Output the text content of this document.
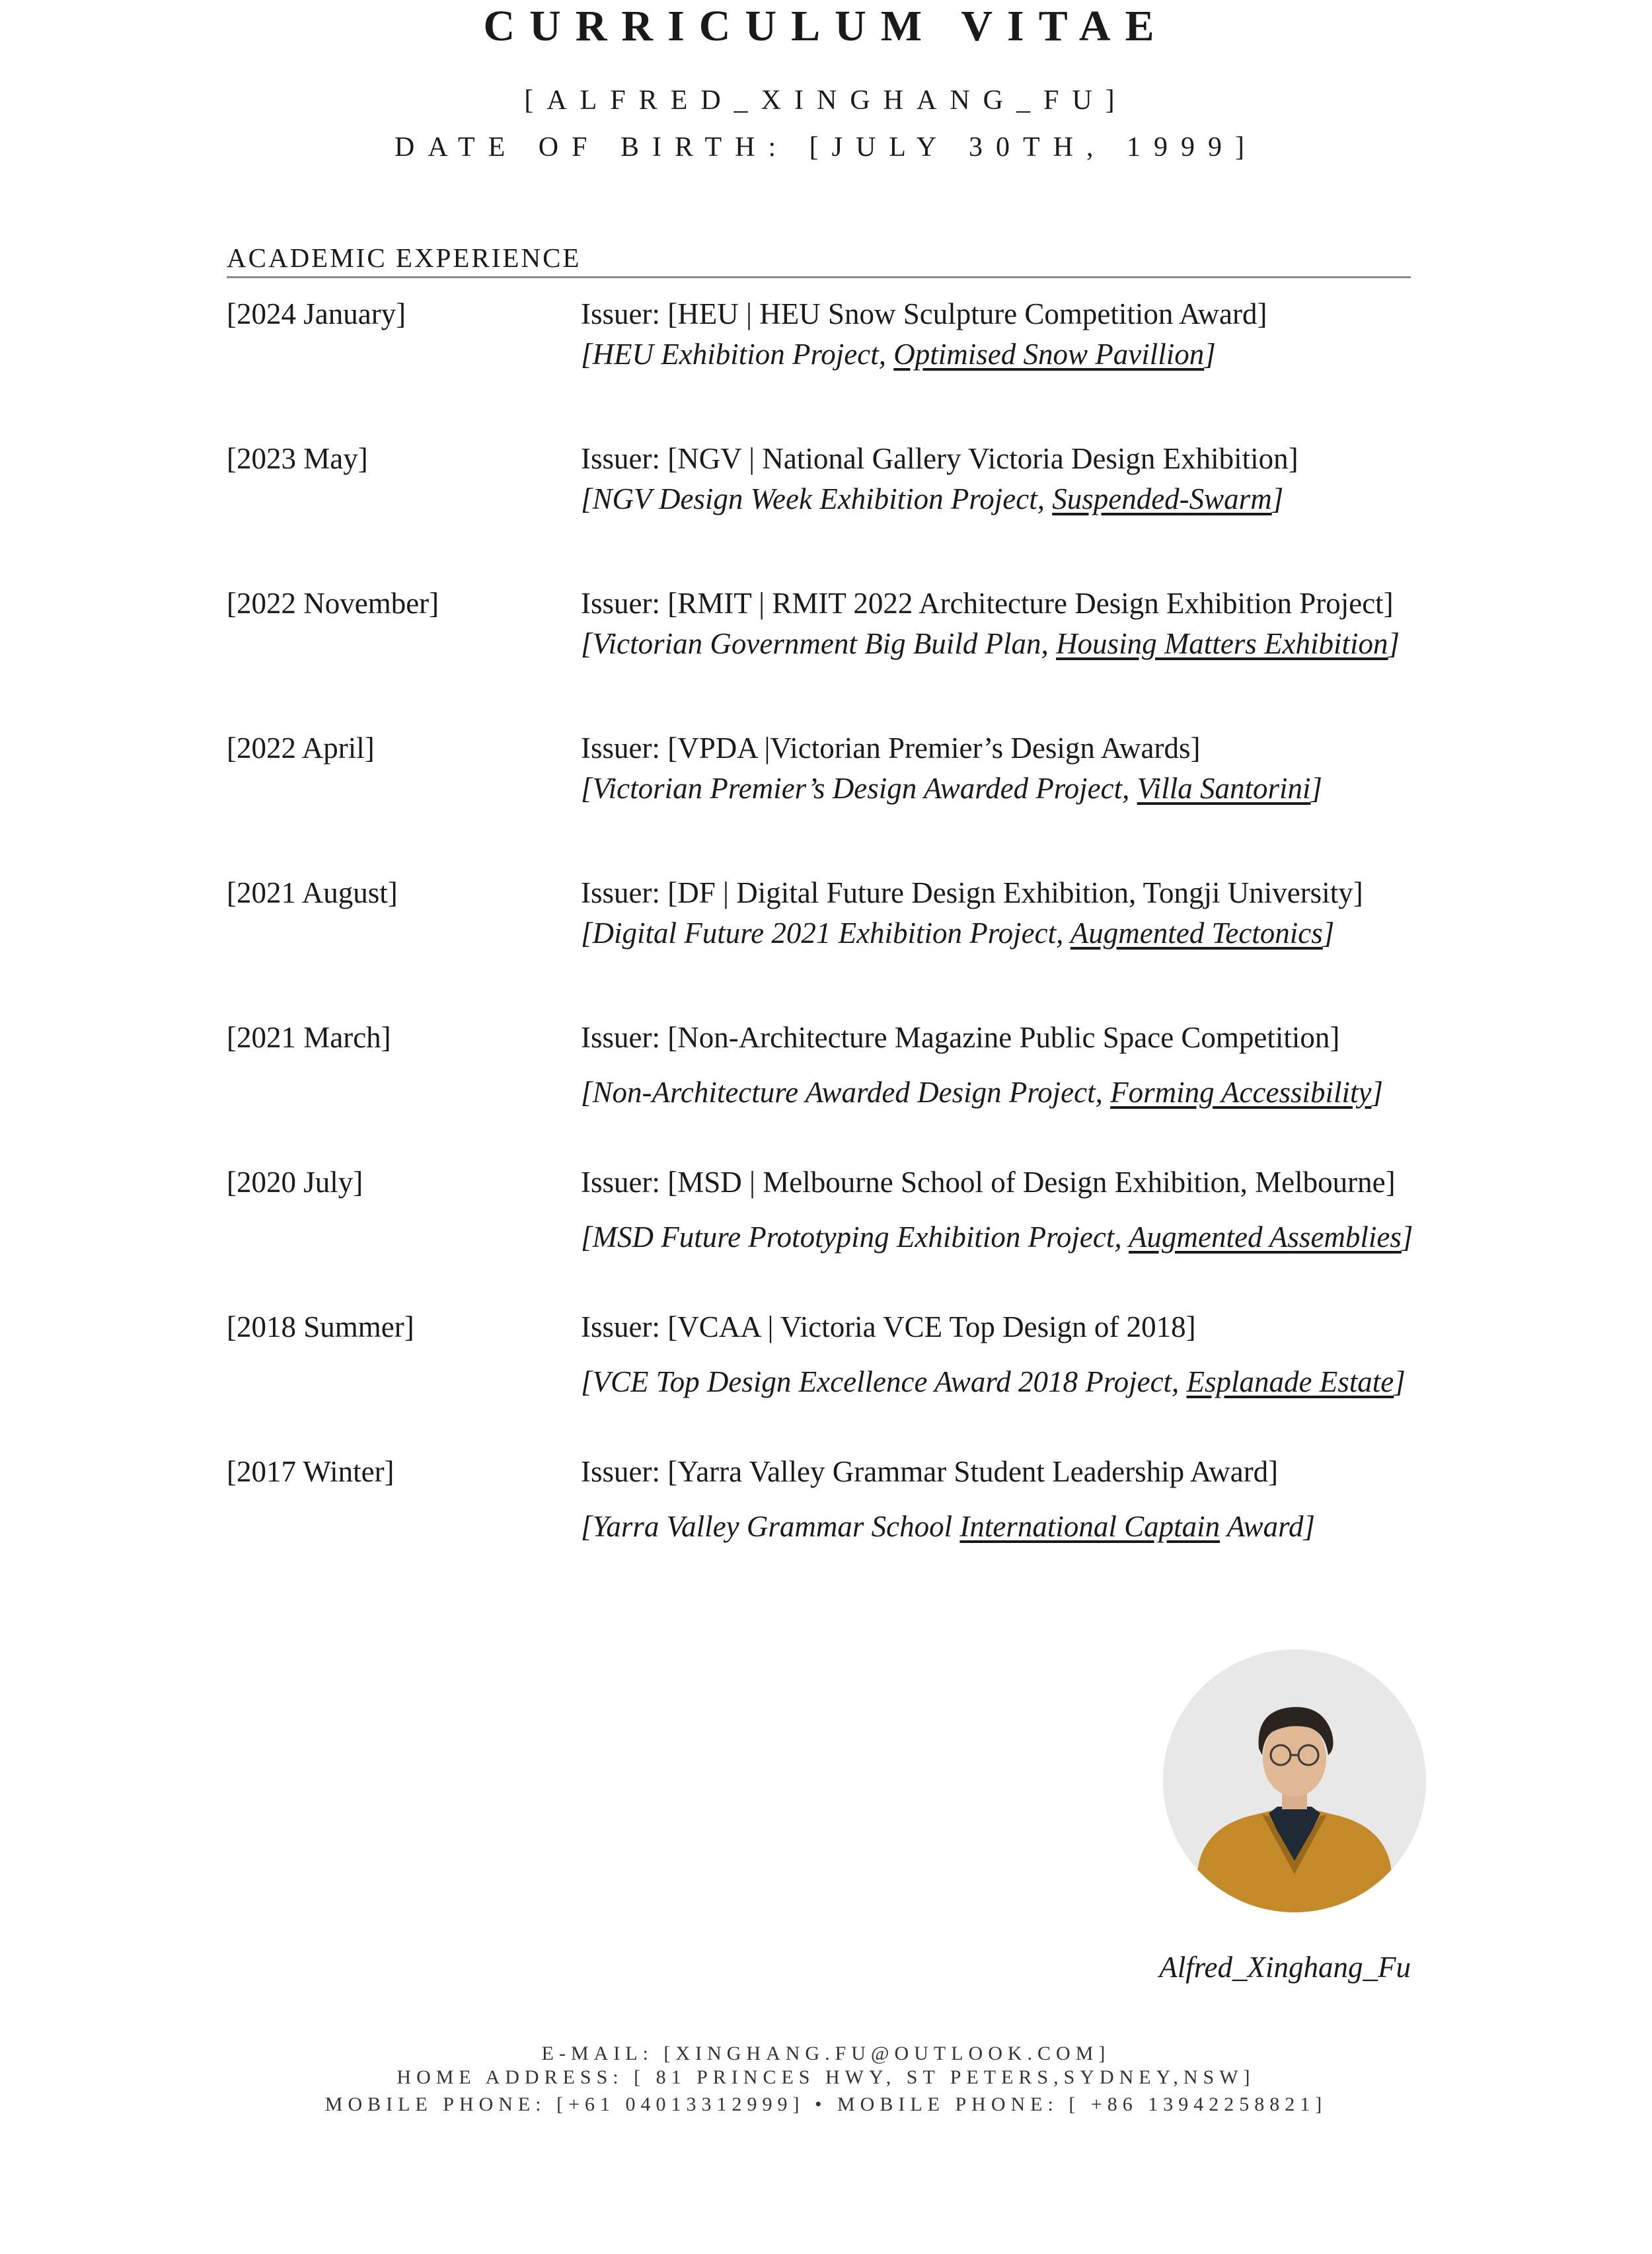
CURRICULUM VITAE
[ALFRED_XINGHANG_FU]
DATE OF BIRTH: [JULY 30TH, 1999]
ACADEMIC EXPERIENCE
[2024 January]	Issuer: [HEU | HEU Snow Sculpture Competition Award]
[HEU Exhibition Project, Optimised Snow Pavillion]
[2023 May]	Issuer: [NGV | National Gallery Victoria Design Exhibition]
[NGV Design Week Exhibition Project, Suspended-Swarm]
[2022 November]	Issuer: [RMIT | RMIT 2022 Architecture Design Exhibition Project]
[Victorian Government Big Build Plan, Housing Matters Exhibition]
[2022 April]	Issuer: [VPDA |Victorian Premier’s Design Awards]
[Victorian Premier’s Design Awarded Project, Villa Santorini]
[2021 August]	Issuer: [DF | Digital Future Design Exhibition, Tongji University]
[Digital Future 2021 Exhibition Project, Augmented Tectonics]
[2021 March]	Issuer: [Non-Architecture Magazine Public Space Competition]
[Non-Architecture Awarded Design Project, Forming Accessibility]
[2020 July]	Issuer: [MSD | Melbourne School of Design Exhibition, Melbourne]
[MSD Future Prototyping Exhibition Project, Augmented Assemblies]
[2018 Summer]	Issuer: [VCAA | Victoria VCE Top Design of 2018]
[VCE Top Design Excellence Award 2018 Project, Esplanade Estate]
[2017 Winter]	Issuer: [Yarra Valley Grammar Student Leadership Award]
[Yarra Valley Grammar School International Captain Award]
Alfred_Xinghang_Fu
E-MAIL: [XINGHANG.FU@OUTLOOK.COM]
HOME ADDRESS: [ 81 PRINCES HWY, ST PETERS,SYDNEY,NSW]
MOBILE PHONE: [+61 04013312999] • MOBILE PHONE: [ +86 13942258821]
